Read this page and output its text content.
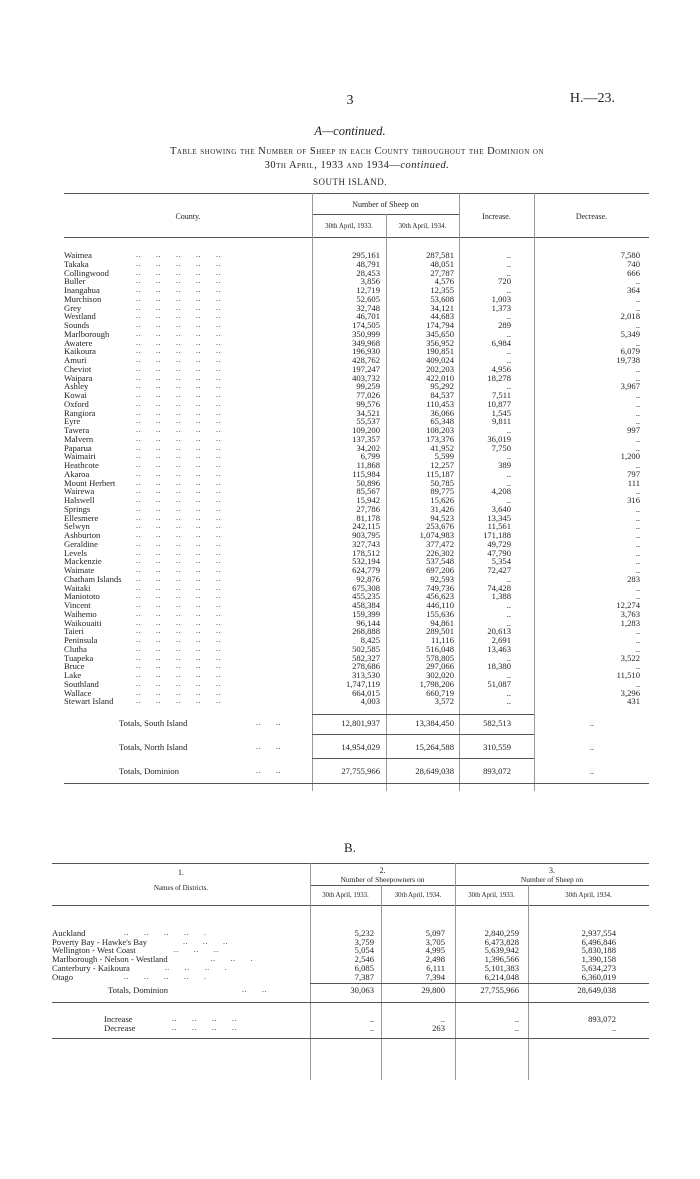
3	H.—23.
A—continued.
Table showing the Number of Sheep in each County throughout the Dominion on
30th April, 1933 and 1934—continued.
SOUTH ISLAND.
County.
Number of Sheep on
30th April, 1933.	30th April, 1934.
Increase.	Decrease.
Waimea	..      ..      ..      ..      ..	295,161	287,581	..	7,580
Takaka	..      ..      ..      ..      ..	48,791	48,051	..	740
Collingwood	..      ..      ..      ..      ..	28,453	27,787	..	666
Buller	..      ..      ..      ..      ..	3,856	4,576	720	..
Inangahua	..      ..      ..      ..      ..	12,719	12,355	..	364
Murchison	..      ..      ..      ..      ..	52,605	53,608	1,003	..
Grey	..      ..      ..      ..      ..	32,748	34,121	1,373	..
Westland	..      ..      ..      ..      ..	46,701	44,683	..	2,018
Sounds	..      ..      ..      ..      ..	174,505	174,794	289	..
Marlborough	..      ..      ..      ..      ..	350,999	345,650	..	5,349
Awatere	..      ..      ..      ..      ..	349,968	356,952	6,984	..
Kaikoura	..      ..      ..      ..      ..	196,930	190,851	..	6,079
Amuri	..      ..      ..      ..      ..	428,762	409,024	..	19,738
Cheviot	..      ..      ..      ..      ..	197,247	202,203	4,956	..
Waipara	..      ..      ..      ..      ..	403,732	422,010	18,278	..
Ashley	..      ..      ..      ..      ..	99,259	95,292	..	3,967
Kowai	..      ..      ..      ..      ..	77,026	84,537	7,511	..
Oxford	..      ..      ..      ..      ..	99,576	110,453	10,877	..
Rangiora	..      ..      ..      ..      ..	34,521	36,066	1,545	..
Eyre	..      ..      ..      ..      ..	55,537	65,348	9,811	..
Tawera	..      ..      ..      ..      ..	109,200	108,203	..	997
Malvern	..      ..      ..      ..      ..	137,357	173,376	36,019	..
Paparua	..      ..      ..      ..      ..	34,202	41,952	7,750	..
Waimairi	..      ..      ..      ..      ..	6,799	5,599	..	1,200
Heathcote	..      ..      ..      ..      ..	11,868	12,257	389	..
Akaroa	..      ..      ..      ..      ..	115,984	115,187	..	797
Mount Herbert	..      ..      ..      ..      ..	50,896	50,785	..	111
Wairewa	..      ..      ..      ..      ..	85,567	89,775	4,208	..
Halswell	..      ..      ..      ..      ..	15,942	15,626	..	316
Springs	..      ..      ..      ..      ..	27,786	31,426	3,640	..
Ellesmere	..      ..      ..      ..      ..	81,178	94,523	13,345	..
Selwyn	..      ..      ..      ..      ..	242,115	253,676	11,561	..
Ashburton	..      ..      ..      ..      ..	903,795	1,074,983	171,188	..
Geraldine	..      ..      ..      ..      ..	327,743	377,472	49,729	..
Levels	..      ..      ..      ..      ..	178,512	226,302	47,790	..
Mackenzie	..      ..      ..      ..      ..	532,194	537,548	5,354	..
Waimate	..      ..      ..      ..      ..	624,779	697,206	72,427	..
Chatham Islands ..      ..      ..      ..      ..	92,876	92,593	..	283
Waitaki	..      ..      ..      ..      ..	675,308	749,736	74,428	..
Maniototo	..      ..      ..      ..      ..	455,235	456,623	1,388	..
Vincent	..      ..      ..      ..      ..	458,384	446,110	..	12,274
Waihemo	..      ..      ..      ..      ..	159,399	155,636	..	3,763
Waikouaiti	..      ..      ..      ..      ..	96,144	94,861	..	1,283
Taieri	..      ..      ..      ..      ..	268,888	289,501	20,613	..
Peninsula	..      ..      ..      ..      ..	8,425	11,116	2,691	..
Clutha	..      ..      ..      ..      ..	502,585	516,048	13,463	..
Tuapeka	..      ..      ..      ..      ..	582,327	578,805	..	3,522
Bruce	..      ..      ..      ..      ..	278,686	297,066	18,380	..
Lake	..      ..      ..      ..      ..	313,530	302,020	..	11,510
Southland	..      ..      ..      ..      ..	1,747,119	1,798,206	51,087	..
Wallace	..      ..      ..      ..      ..	664,015	660,719	..	3,296
Stewart Island	..      ..      ..      ..      ..	4,003	3,572	..	431
Totals, South Island	..      ..	12,801,937	13,384,450	582,513	..
Totals, North Island	..      ..	14,954,029	15,264,588	310,559	..
Totals, Dominion	..      ..	27,755,966	28,649,038	893,072	..
B.
1.
Names of Districts.
2.
Number of Sheepowners on
3.
Number of Sheep on
30th April, 1933.	30th April, 1934.	30th April, 1933.	30th April, 1934.
Auckland	..      ..      ..      ..      .	5,232	5,097	2,840,259	2,937,554
Poverty Bay - Hawke's Bay	..      ..      ..	3,759	3,705	6,473,828	6,496,846
Wellington - West Coast	..      ..      ..	5,054	4,995	5,639,942	5,830,188
Marlborough - Nelson - Westland	..      ..      .	2,546	2,498	1,396,566	1,390,158
Canterbury - Kaikoura	..      ..      ..      .	6,085	6,111	5,101,383	5,634,273
Otago	..      ..      ..      ..      .	7,387	7,394	6,214,048	6,360,019
Totals, Dominion	..      ..	30,063	29,800	27,755,966	28,649,038
Increase	..      ..      ..      ..	..	..	..	893,072
Decrease	..      ..      ..      ..	..	263	..	..
